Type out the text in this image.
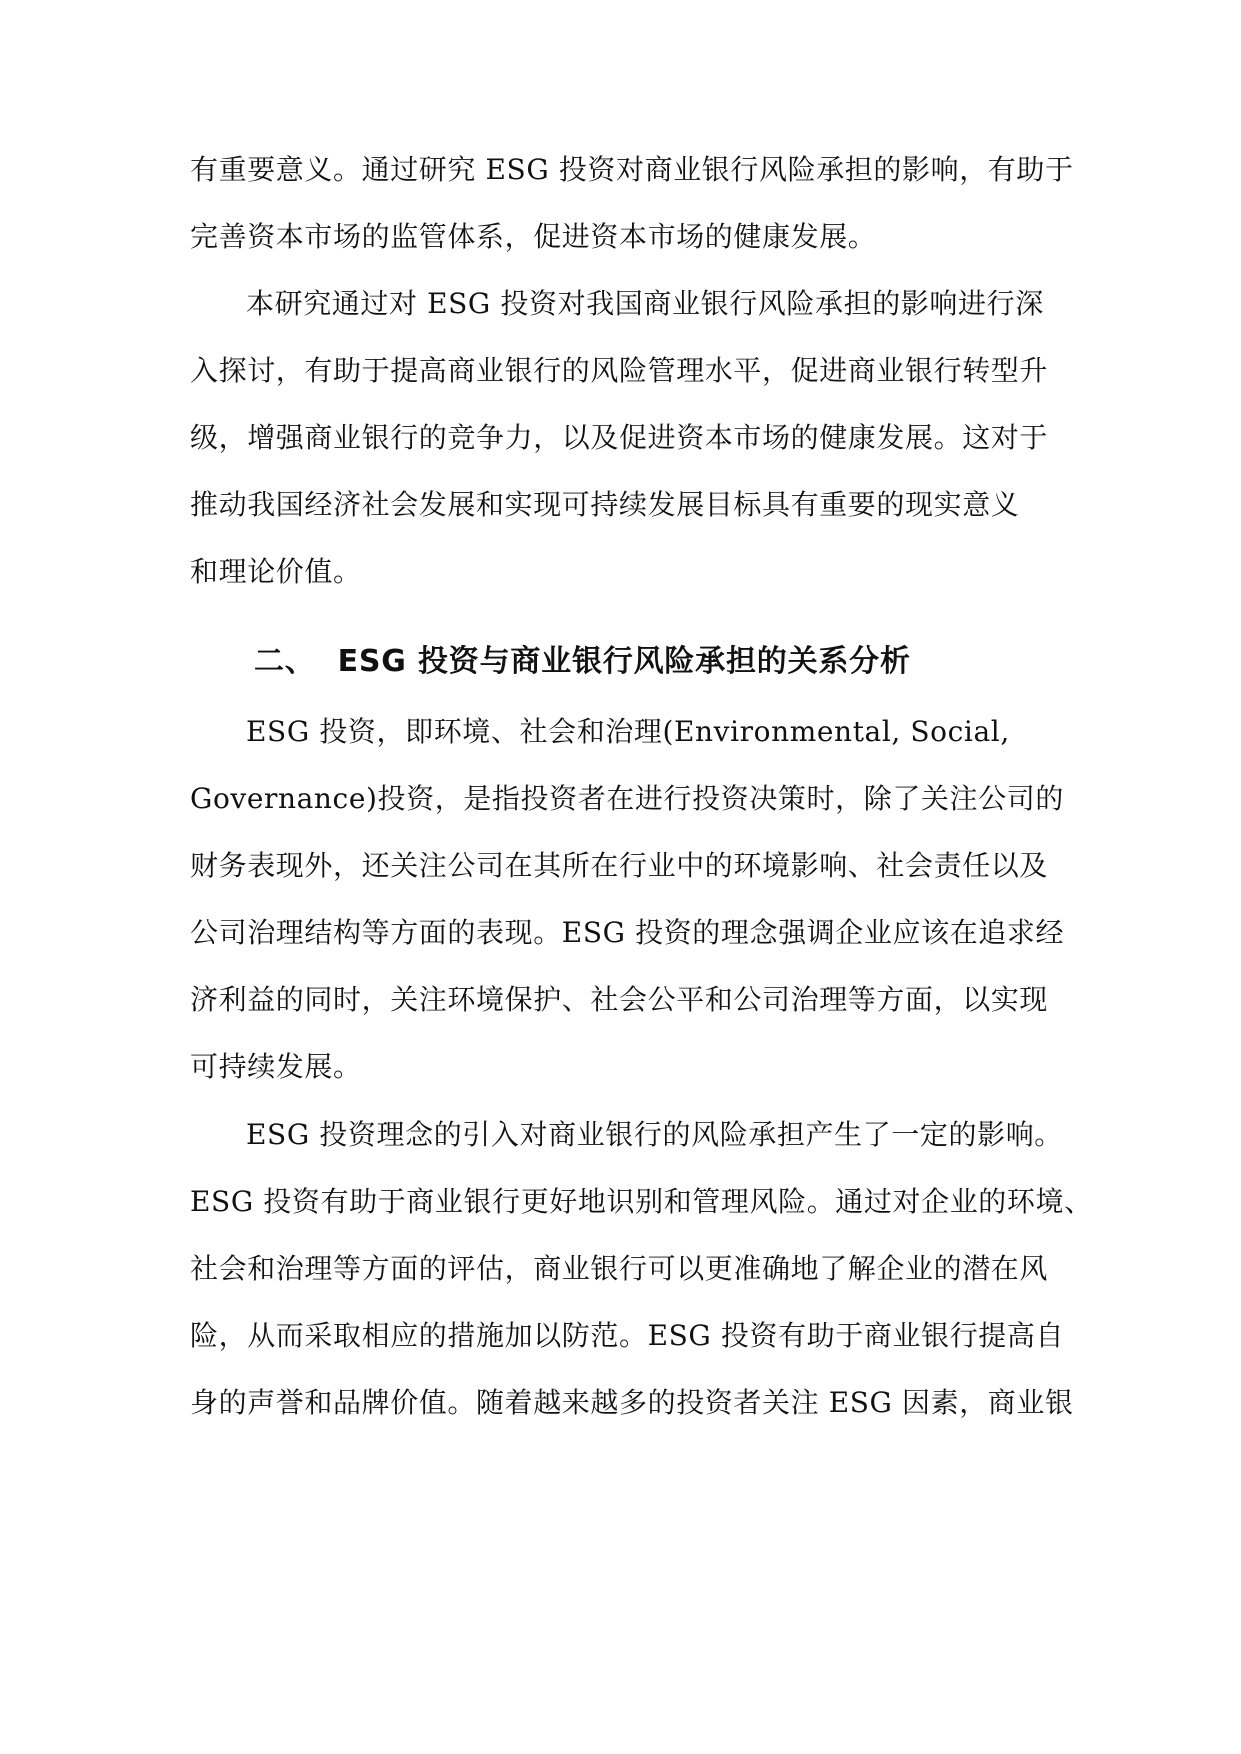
有重要意义。通过研究 ESG 投资对商业银行风险承担的影响，有助于
完善资本市场的监管体系，促进资本市场的健康发展。
本研究通过对 ESG 投资对我国商业银行风险承担的影响进行深
入探讨，有助于提高商业银行的风险管理水平，促进商业银行转型升
级，增强商业银行的竞争力，以及促进资本市场的健康发展。这对于
推动我国经济社会发展和实现可持续发展目标具有重要的现实意义
和理论价值。
二、 ESG 投资与商业银行风险承担的关系分析
ESG 投资，即环境、社会和治理(Environmental, Social,
Governance)投资，是指投资者在进行投资决策时，除了关注公司的
财务表现外，还关注公司在其所在行业中的环境影响、社会责任以及
公司治理结构等方面的表现。ESG 投资的理念强调企业应该在追求经
济利益的同时，关注环境保护、社会公平和公司治理等方面，以实现
可持续发展。
ESG 投资理念的引入对商业银行的风险承担产生了一定的影响。
ESG 投资有助于商业银行更好地识别和管理风险。通过对企业的环境、
社会和治理等方面的评估，商业银行可以更准确地了解企业的潜在风
险，从而采取相应的措施加以防范。ESG 投资有助于商业银行提高自
身的声誉和品牌价值。随着越来越多的投资者关注 ESG 因素，商业银
